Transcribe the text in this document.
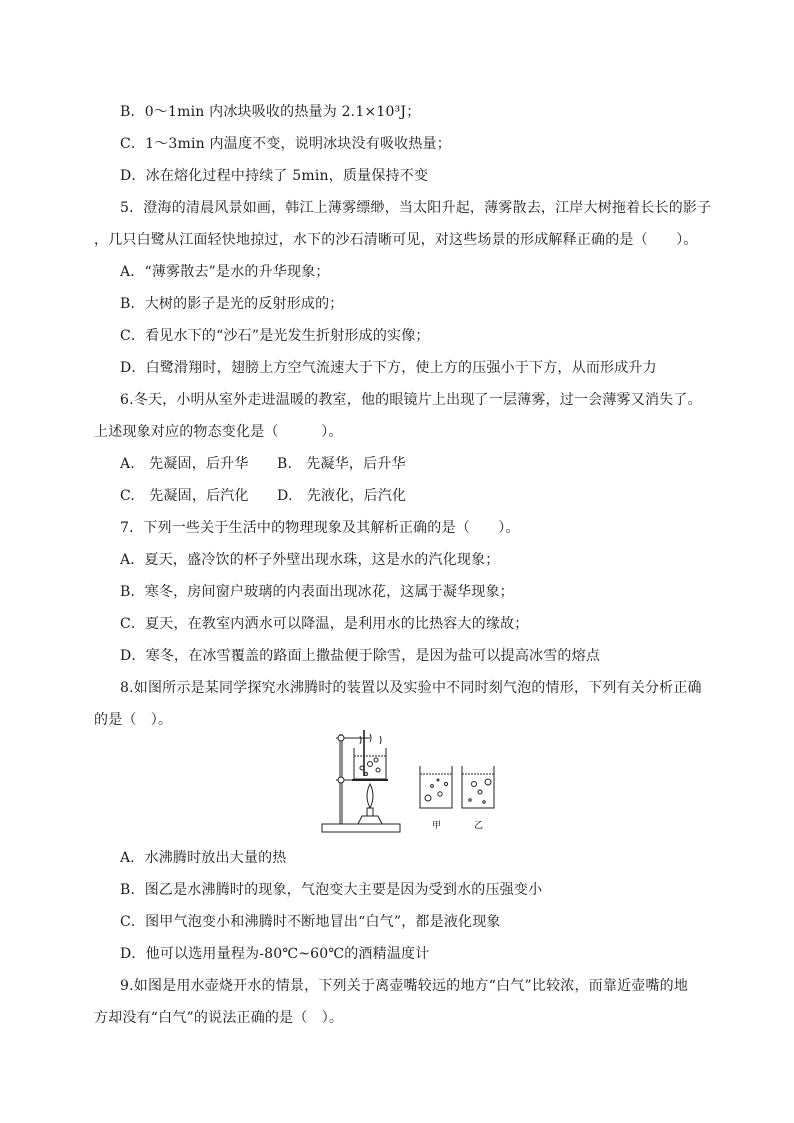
B．0～1min 内冰块吸收的热量为 2.1×10³J；
C．1～3min 内温度不变，说明冰块没有吸收热量；
D．冰在熔化过程中持续了 5min，质量保持不变
5．澄海的清晨风景如画，韩江上薄雾缥缈，当太阳升起，薄雾散去，江岸大树拖着长长的影子
，几只白鹭从江面轻快地掠过，水下的沙石清晰可见，对这些场景的形成解释正确的是（　　）。
A．“薄雾散去”是水的升华现象；
B．大树的影子是光的反射形成的；
C．看见水下的“沙石”是光发生折射形成的实像；
D．白鹭滑翔时，翅膀上方空气流速大于下方，使上方的压强小于下方，从而形成升力
6.冬天，小明从室外走进温暖的教室，他的眼镜片上出现了一层薄雾，过一会薄雾又消失了。
上述现象对应的物态变化是（　　　）。
A.　先凝固，后升华　　B.　先凝华，后升华
C.　先凝固，后汽化　　D.　先液化，后汽化
7．下列一些关于生活中的物理现象及其解析正确的是（　　）。
A．夏天，盛冷饮的杯子外壁出现水珠，这是水的汽化现象；
B．寒冬，房间窗户玻璃的内表面出现冰花，这属于凝华现象；
C．夏天，在教室内洒水可以降温，是利用水的比热容大的缘故；
D．寒冬，在冰雪覆盖的路面上撒盐便于除雪，是因为盐可以提高冰雪的熔点
8.如图所示是某同学探究水沸腾时的装置以及实验中不同时刻气泡的情形，下列有关分析正确
的是（　）。
甲	乙
A．水沸腾时放出大量的热
B．图乙是水沸腾时的现象，气泡变大主要是因为受到水的压强变小
C．图甲气泡变小和沸腾时不断地冒出“白气”，都是液化现象
D．他可以选用量程为-80℃~60℃的酒精温度计
9.如图是用水壶烧开水的情景，下列关于离壶嘴较远的地方“白气”比较浓，而靠近壶嘴的地
方却没有“白气”的说法正确的是（　）。
